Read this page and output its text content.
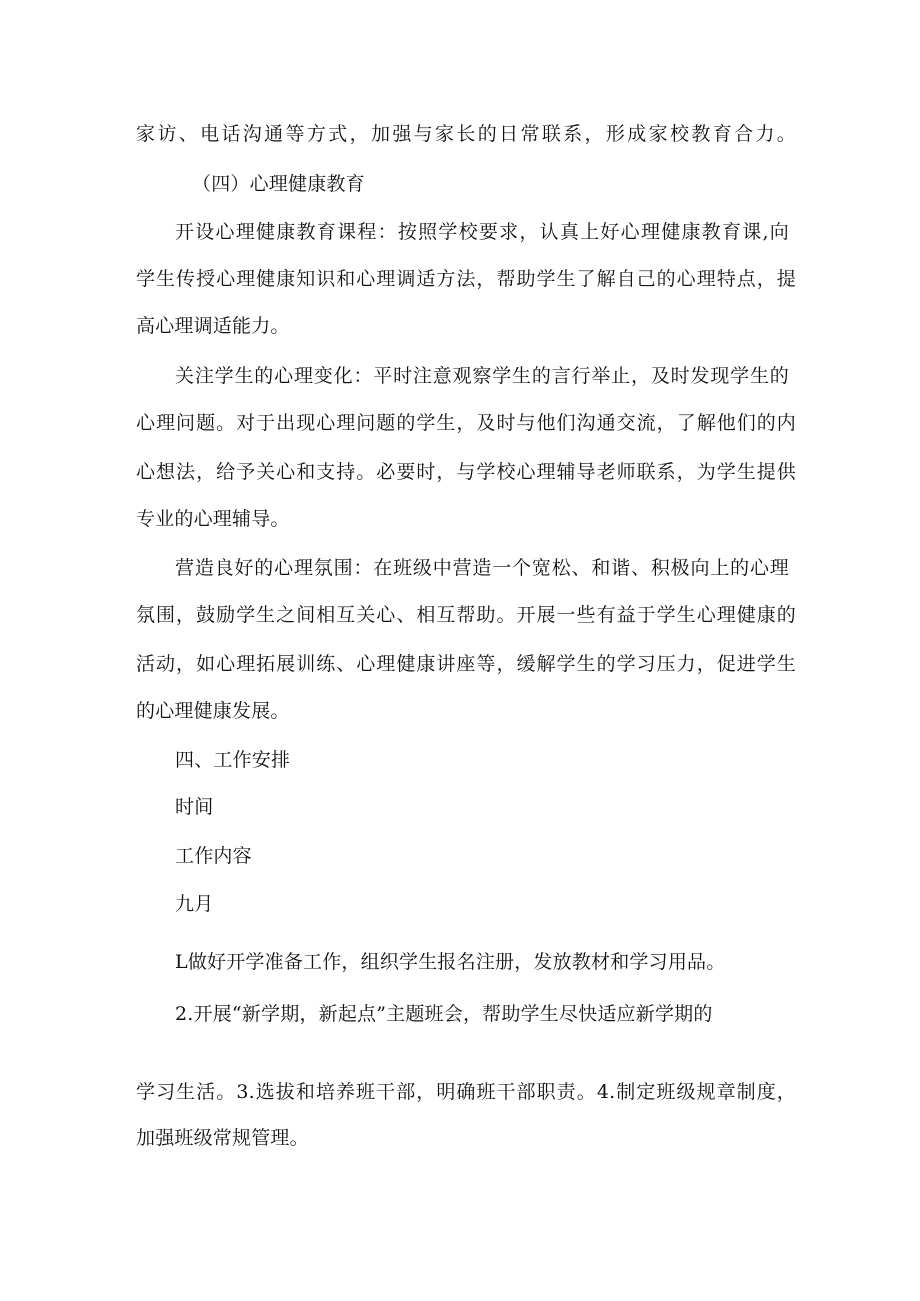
家访、电话沟通等方式，加强与家长的日常联系，形成家校教育合力。
（四）心理健康教育
开设心理健康教育课程：按照学校要求，认真上好心理健康教育课,向
学生传授心理健康知识和心理调适方法，帮助学生了解自己的心理特点，提
高心理调适能力。
关注学生的心理变化：平时注意观察学生的言行举止，及时发现学生的
心理问题。对于出现心理问题的学生，及时与他们沟通交流，了解他们的内
心想法，给予关心和支持。必要时，与学校心理辅导老师联系，为学生提供
专业的心理辅导。
营造良好的心理氛围：在班级中营造一个宽松、和谐、积极向上的心理
氛围，鼓励学生之间相互关心、相互帮助。开展一些有益于学生心理健康的
活动，如心理拓展训练、心理健康讲座等，缓解学生的学习压力，促进学生
的心理健康发展。
四、工作安排
时间
工作内容
九月
L做好开学准备工作，组织学生报名注册，发放教材和学习用品。
2.开展“新学期，新起点”主题班会，帮助学生尽快适应新学期的
学习生活。3.选拔和培养班干部，明确班干部职责。4.制定班级规章制度，
加强班级常规管理。
